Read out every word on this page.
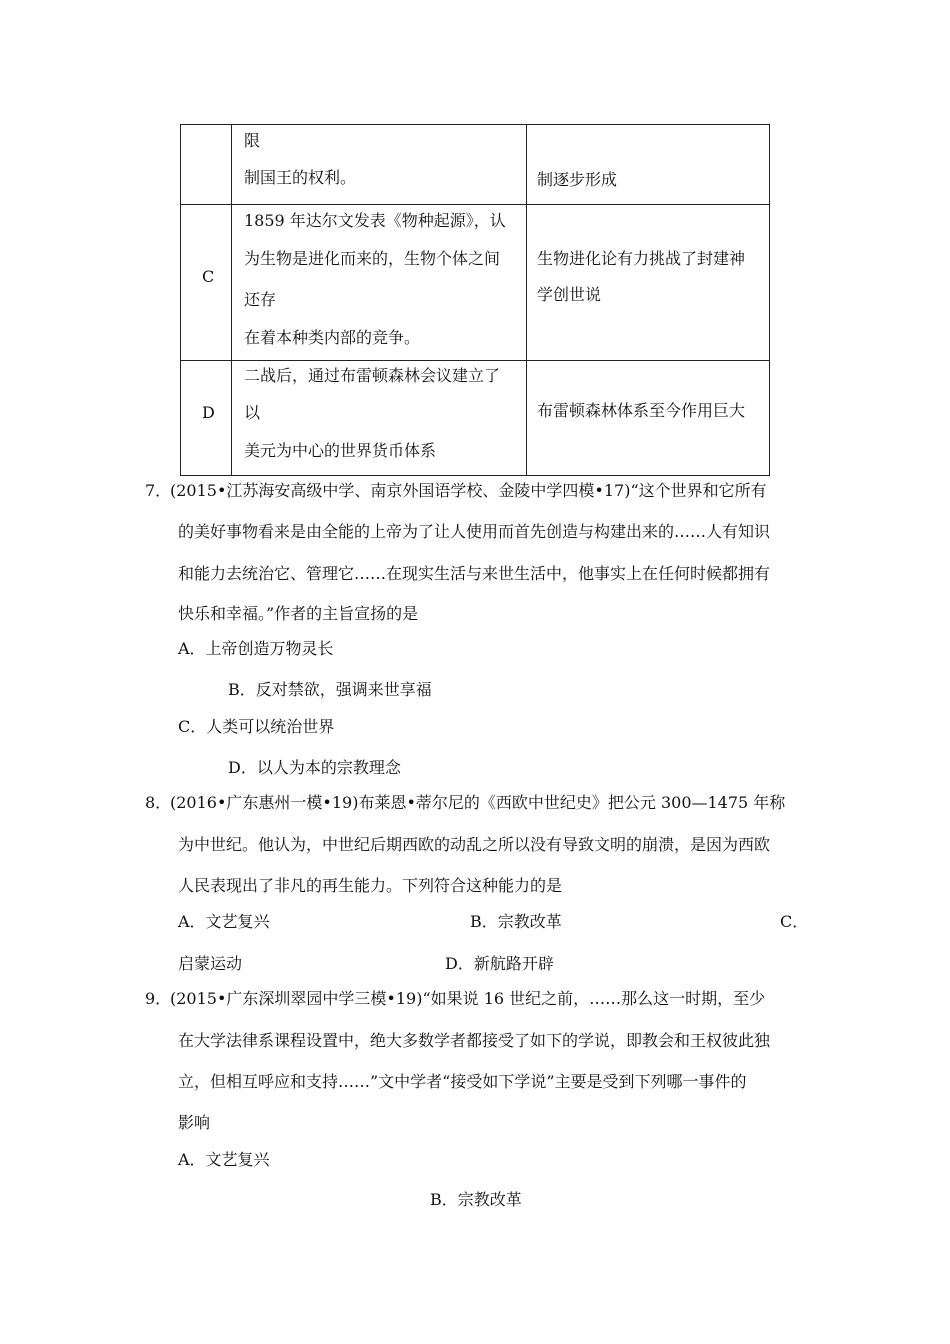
	限
制国王的权利。	制逐步形成

C	1859 年达尔文发表《物种起源》，认
为生物是进化而来的，生物个体之间
还存
在着本种类内部的竞争。	生物进化论有力挑战了封建神
学创世说

D	二战后，通过布雷顿森林会议建立了
以
美元为中心的世界货币体系	布雷顿森林体系至今作用巨大
7．
(2015•江苏海安高级中学、南京外国语学校、金陵中学四模•17)“这个世界和它所有
的美好事物看来是由全能的上帝为了让人使用而首先创造与构建出来的……人有知识
和能力去统治它、管理它……在现实生活与来世生活中，他事实上在任何时候都拥有
快乐和幸福。”作者的主旨宣扬的是
A．上帝创造万物灵长
B．反对禁欲，强调来世享福
C．人类可以统治世界
D．以人为本的宗教理念
8．
(2016•广东惠州一模•19)布莱恩•蒂尔尼的《西欧中世纪史》把公元 300—1475 年称
为中世纪。他认为，中世纪后期西欧的动乱之所以没有导致文明的崩溃，是因为西欧
人民表现出了非凡的再生能力。下列符合这种能力的是
A．文艺复兴	B．宗教改革	C．
启蒙运动	D．新航路开辟
9．
(2015•广东深圳翠园中学三模•19)“如果说 16 世纪之前，……那么这一时期，至少
在大学法律系课程设置中，绝大多数学者都接受了如下的学说，即教会和王权彼此独
立，但相互呼应和支持……”文中学者“接受如下学说”主要是受到下列哪一事件的
影响
A．文艺复兴
B．宗教改革
